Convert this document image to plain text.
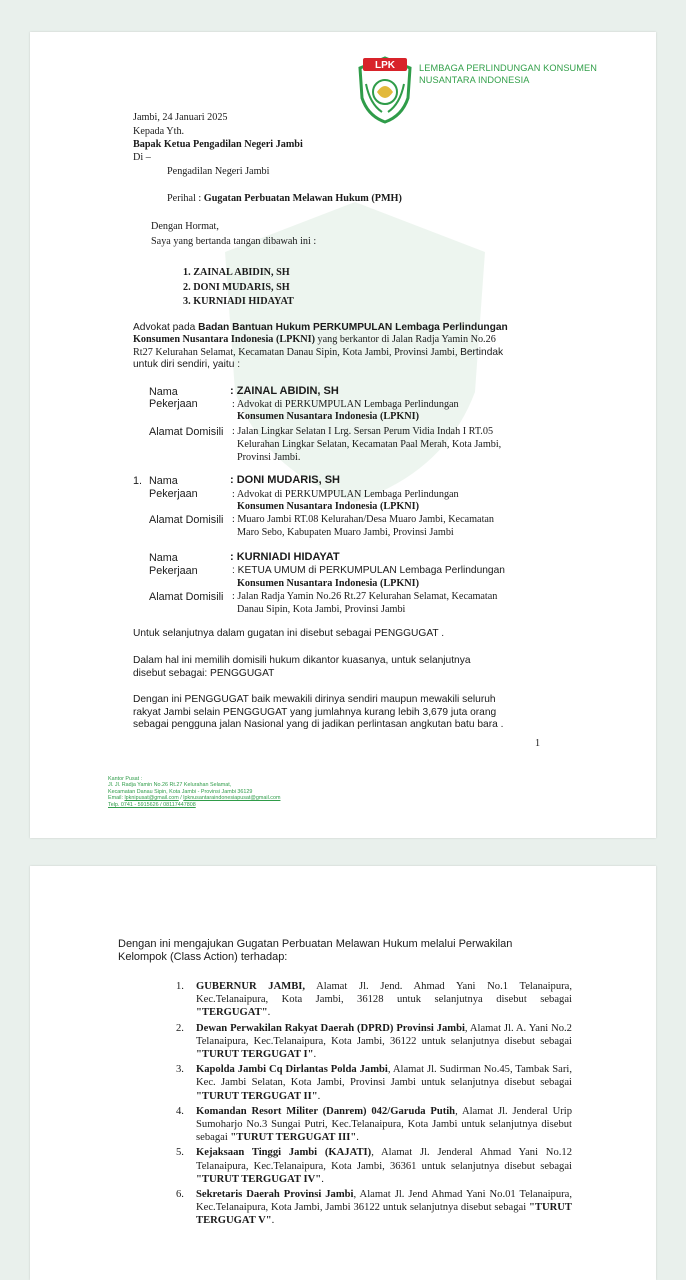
LPK	LEMBAGA PERLINDUNGAN KONSUMEN
NUSANTARA INDONESIA
Jambi, 24 Januari 2025
Kepada Yth.
Bapak Ketua Pengadilan Negeri Jambi
Di –
Pengadilan Negeri Jambi
Perihal : Gugatan Perbuatan Melawan Hukum (PMH)
Dengan Hormat,
Saya yang bertanda tangan dibawah ini :
1. ZAINAL ABIDIN, SH
2. DONI MUDARIS, SH
3. KURNIADI HIDAYAT
Advokat pada Badan Bantuan Hukum PERKUMPULAN Lembaga Perlindungan
Konsumen Nusantara Indonesia (LPKNI) yang berkantor di Jalan Radja Yamin No.26
Rt27 Kelurahan Selamat, Kecamatan Danau Sipin, Kota Jambi, Provinsi Jambi, Bertindak
untuk diri sendiri, yaitu :
Nama	: ZAINAL ABIDIN, SH
Pekerjaan	: Advokat di PERKUMPULAN Lembaga Perlindungan
Konsumen Nusantara Indonesia (LPKNI)
Alamat Domisili : Jalan Lingkar Selatan I Lrg. Sersan Perum Vidia Indah I RT.05
Kelurahan Lingkar Selatan, Kecamatan Paal Merah, Kota Jambi,
Provinsi Jambi.
1. Nama	: DONI MUDARIS, SH
Pekerjaan	: Advokat di PERKUMPULAN Lembaga Perlindungan
Konsumen Nusantara Indonesia (LPKNI)
Alamat Domisili : Muaro Jambi RT.08 Kelurahan/Desa Muaro Jambi, Kecamatan
Maro Sebo, Kabupaten Muaro Jambi, Provinsi Jambi
Nama	: KURNIADI HIDAYAT
Pekerjaan	: KETUA UMUM di PERKUMPULAN Lembaga Perlindungan
Konsumen Nusantara Indonesia (LPKNI)
Alamat Domisili : Jalan Radja Yamin No.26 Rt.27 Kelurahan Selamat, Kecamatan
Danau Sipin, Kota Jambi, Provinsi Jambi
Untuk selanjutnya dalam gugatan ini disebut sebagai PENGGUGAT .
Dalam hal ini memilih domisili hukum dikantor kuasanya, untuk selanjutnya
disebut sebagai: PENGGUGAT
Dengan ini PENGGUGAT baik mewakili dirinya sendiri maupun mewakili seluruh
rakyat Jambi selain PENGGUGAT yang jumlahnya kurang lebih 3,679 juta orang
sebagai pengguna jalan Nasional yang di jadikan perlintasan angkutan batu bara .
1
Kantor Pusat :
Jl. Jl. Radja Yamin No.26 Rt.27 Kelurahan Selamat,
Kecamatan Danau Sipin, Kota Jambi - Provinsi Jambi 36129
Email: lpknipusat@gmail.com / lpknusantaraindonesiapusat@gmail.com
Telp. 0741 - 5915626 / 08117447808
Dengan ini mengajukan Gugatan Perbuatan Melawan Hukum melalui Perwakilan
Kelompok (Class Action) terhadap:
1. GUBERNUR JAMBI, Alamat Jl. Jend. Ahmad Yani No.1 Telanaipura, Kec.Telanaipura, Kota Jambi, 36128 untuk selanjutnya disebut sebagai "TERGUGAT".
2. Dewan Perwakilan Rakyat Daerah (DPRD) Provinsi Jambi, Alamat Jl. A. Yani No.2 Telanaipura, Kec.Telanaipura, Kota Jambi, 36122 untuk selanjutnya disebut sebagai "TURUT TERGUGAT I".
3. Kapolda Jambi Cq Dirlantas Polda Jambi, Alamat Jl. Sudirman No.45, Tambak Sari, Kec. Jambi Selatan, Kota Jambi, Provinsi Jambi untuk selanjutnya disebut sebagai "TURUT TERGUGAT II".
4. Komandan Resort Militer (Danrem) 042/Garuda Putih, Alamat Jl. Jenderal Urip Sumoharjo No.3 Sungai Putri, Kec.Telanaipura, Kota Jambi untuk selanjutnya disebut sebagai "TURUT TERGUGAT III".
5. Kejaksaan Tinggi Jambi (KAJATI), Alamat Jl. Jenderal Ahmad Yani No.12 Telanaipura, Kec.Telanaipura, Kota Jambi, 36361 untuk selanjutnya disebut sebagai "TURUT TERGUGAT IV".
6. Sekretaris Daerah Provinsi Jambi, Alamat Jl. Jend Ahmad Yani No.01 Telanaipura, Kec.Telanaipura, Kota Jambi, Jambi 36122 untuk selanjutnya disebut sebagai "TURUT TERGUGAT V".
